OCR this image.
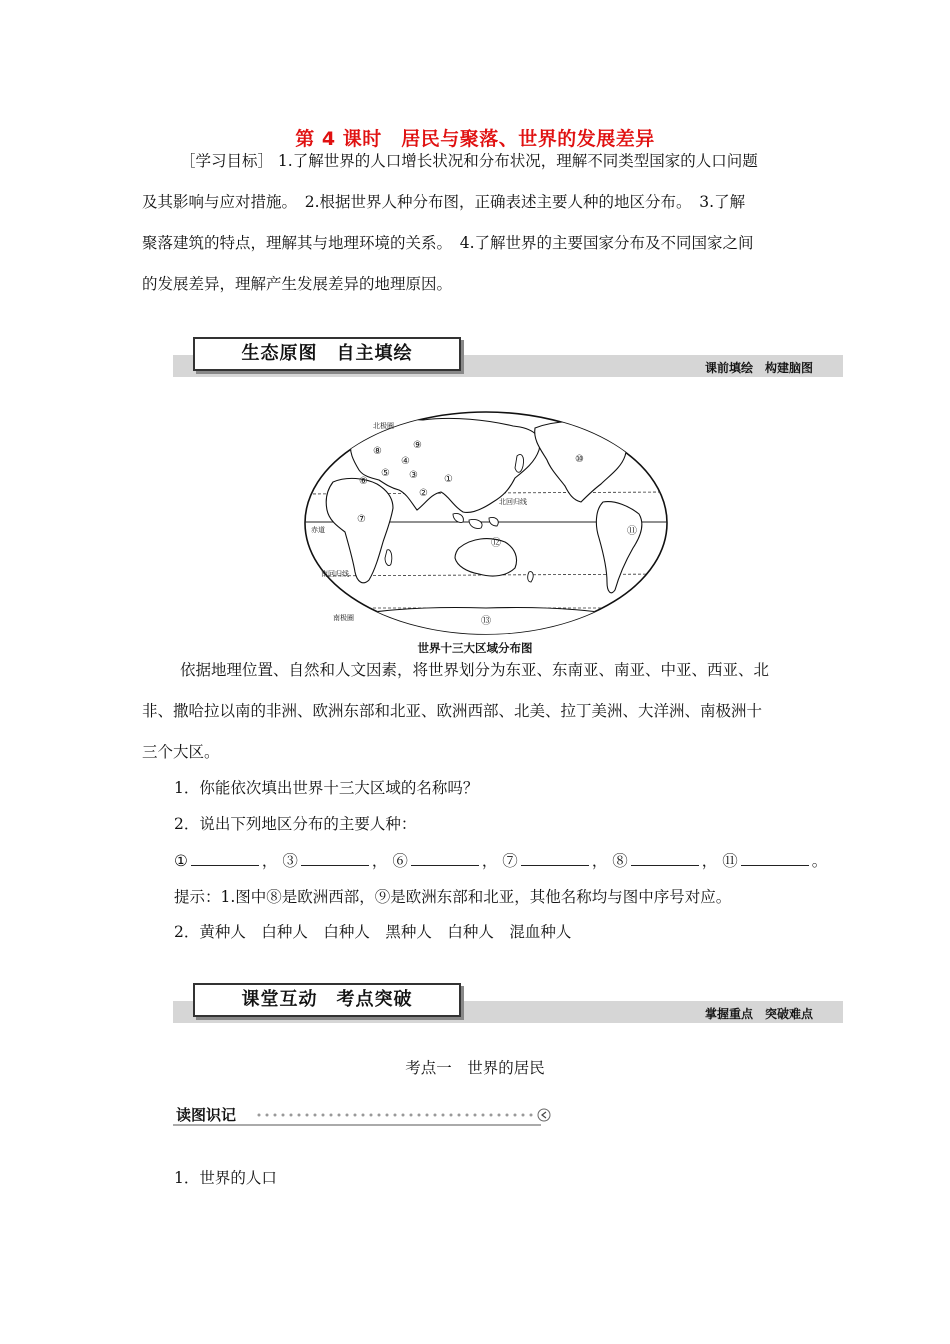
第 4 课时　居民与聚落、世界的发展差异
［学习目标］ 1.了解世界的人口增长状况和分布状况，理解不同类型国家的人口问题
及其影响与应对措施。　2.根据世界人种分布图，正确表述主要人种的地区分布。　3.了解
聚落建筑的特点，理解其与地理环境的关系。　4.了解世界的主要国家分布及不同国家之间
的发展差异，理解产生发展差异的地理原因。
生态原图　自主填绘
课前填绘　构建脑图
北极圈
北回归线
赤道
南回归线
南极圈
①
②
③
④
⑤
⑥
⑦
⑧
⑨
⑩
⑪
⑫
⑬
世界十三大区域分布图
依据地理位置、自然和人文因素，将世界划分为东亚、东南亚、南亚、中亚、西亚、北
非、撒哈拉以南的非洲、欧洲东部和北亚、欧洲西部、北美、拉丁美洲、大洋洲、南极洲十
三个大区。
1．你能依次填出世界十三大区域的名称吗？
2．说出下列地区分布的主要人种：
①	， ③	， ⑥	， ⑦	， ⑧	， ⑪	。
提示：1.图中⑧是欧洲西部，⑨是欧洲东部和北亚，其他名称均与图中序号对应。
2．黄种人　白种人　白种人　黑种人　白种人　混血种人
课堂互动　考点突破
掌握重点　突破难点
考点一　世界的居民
读图识记
1．世界的人口
